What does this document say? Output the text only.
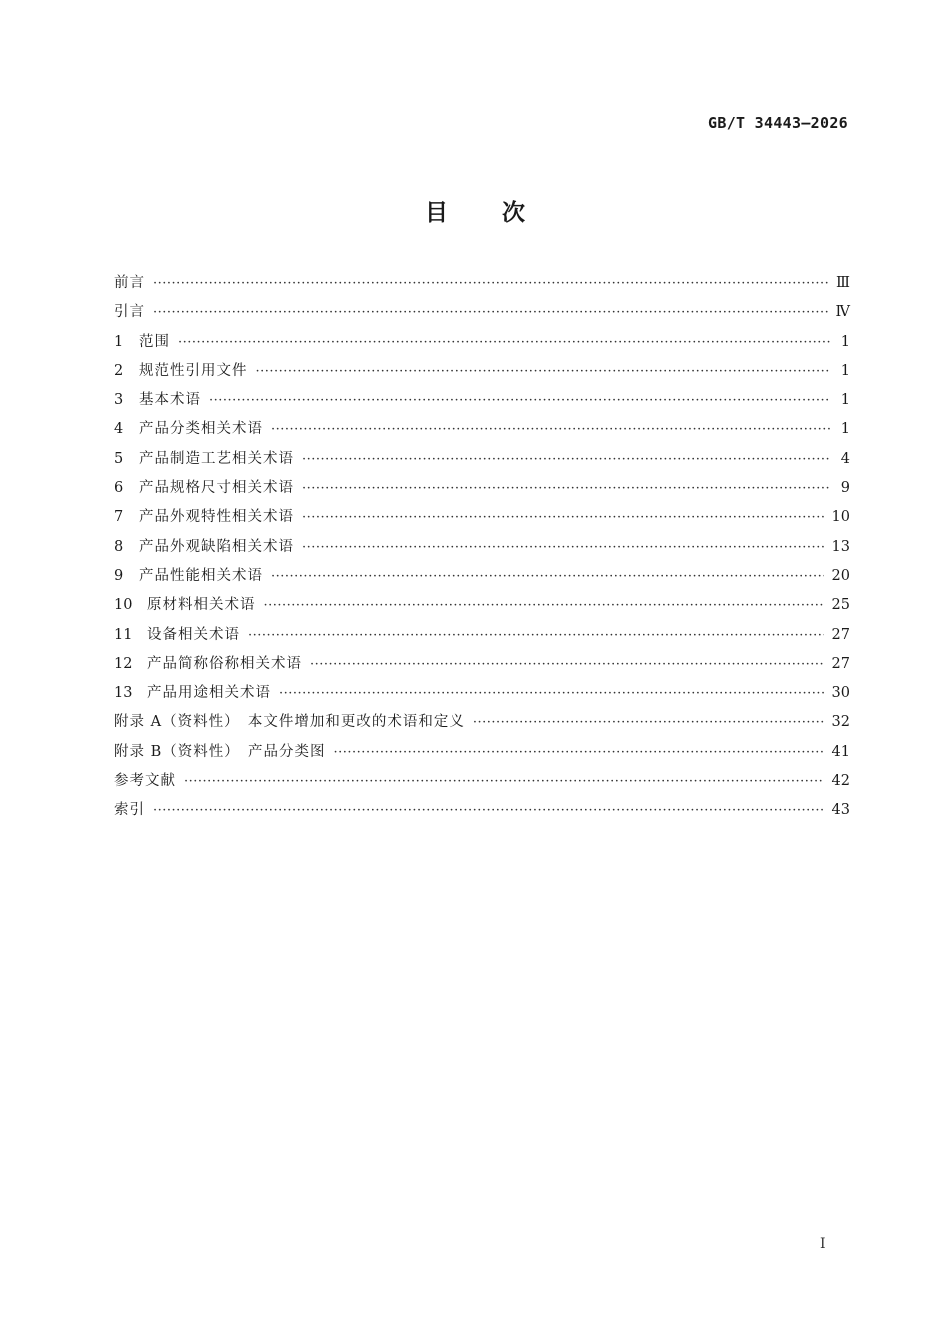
GB/T 34443—2026
目次
前言 ·····	Ⅲ
引言 ·····	Ⅳ
1	范围 ·····	1
2	规范性引用文件 ·····	1
3	基本术语 ·····	1
4	产品分类相关术语 ·····	1
5	产品制造工艺相关术语 ·····	4
6	产品规格尺寸相关术语 ·····	9
7	产品外观特性相关术语 ·····	10
8	产品外观缺陷相关术语 ·····	13
9	产品性能相关术语 ·····	20
10	原材料相关术语 ·····	25
11	设备相关术语 ·····	27
12	产品简称俗称相关术语 ·····	27
13	产品用途相关术语 ·····	30
附录 A（资料性）　本文件增加和更改的术语和定义 ·····	32
附录 B（资料性）　产品分类图 ·····	41
参考文献 ·····	42
索引 ·····	43
I
